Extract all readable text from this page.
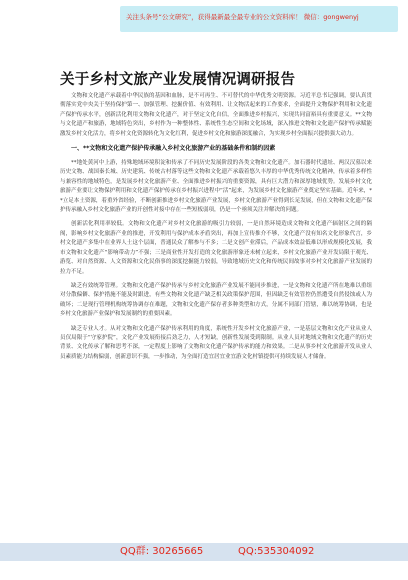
关注头条号“公文研究”，获得最新最全最专业的公文资料库！ 微信：gongwenyj
关于乡村文旅产业发展情况调研报告

文物和文化遗产承载着中华民族的基因和血脉，是不可再生、不可替代的中华优秀文明资源。习近平总书记强调，要认真贯彻落实党中央关于坚持保护第一、加强管理、挖掘价值、有效利用、让文物活起来的工作要求，全面提升文物保护利用和文化遗产保护传承水平，创新活化利用文物和文化遗产，对于坚定文化自信，全面推进乡村振兴，实现共同富裕具有重要意义。**文物与文化遗产和旅游，地域特色突出，乡村作为一种整体性、系统性生态空间和文化场域，深入推进文物和文化遗产保护传承赋能激发乡村文化活力，将乡村文化资源转化为文化红利，促进乡村文化和旅游深度融合，为实现乡村全面振兴提供强大动力。

一、**文物和文化遗产保护传承融入乡村文化旅游产业的基础条件和制约因素

**地处黄河中上游，持殊地域环境积淀和传承了不同历史发展阶段的各类文物和文化遗产。加石器时代遗址、两汉汉墓以来历史文物、战国秦长城、历史建筑、传统古村落等这些文物和文化遗产承载着悠久丰厚的中华优秀传统文化精神，传承着多样性与兼容性的地域特色，是发展乡村文化旅游产业、全面推进乡村振兴的重要资源，具有巨大潜力和深厚地域优势。发展乡村文化旅游产业要让文物保护利用和文化遗产保护传承在乡村振兴进程中“活”起来，为发展乡村文化旅游产业奠定坚实基础。近年来，**立足本土资源，着重外省经验，不断创新推进乡村文化旅游产业发展，乡村文化旅游产业得到长足发展，但在文物和文化遗产保护传承融入乡村文化旅游产业的开创性对接中存在一些短板弱项，仍是一个亟须关注并解决的问题。

创新活化利用率较低。文物和文化遗产对乡村文化旅游的吸引力较弱，一是自然环境造成文物和文化遗产辐射区之间的隔阂，影响乡村文化旅游产业的推进，开发利用与保护成本矛盾突出，再加上宣传推介不够，文化遗产没有知名文化形象代言，乡村文化遗产多集中在业界人士这个层面，普通民众了解参与不多；二是文创产业滞后，产品成本效益低难以形成规模化发展，我市文物和文化遗产“影响带动力”不强；三是商业性开发打造的文化旅游形象还未树立起来，乡村文化旅游产业开发局限于观光、游览、对自然资源、人文资源和文化民俗事的深度挖掘能力较弱，导致地域历史文化和传统民间故事对乡村文化旅游产业发展的拉力不足。

缺乏有效统筹管理。文物和文化遗产保护传承与乡村文化旅游产业发展不能同步推进，一是文物和文化遗产所在地难以重组对分散偏僻、保护措施不能及时跟进，有些文物和文化遗产缺乏相关政策保护范围，但因缺乏有效管控仍然遭受自然侵蚀或人为破坏；二是现行管理机构统筹协调存在难题，文物和文化遗产保存者多种类型和方式，分属不同部门管辖，难以统筹协调，也是乡村文化旅游产业保护和发展制约的重要因素。

缺乏专业人才。从对文物和文化遗产保护传承利用的角度，系统性开发乡村文化旅游产业，一是基层文物和文化产业从业人员仅局限于“守家护院”，文化产业发展衔接后劲乏力，人才短缺，创新性发展受到限制。从业人员对地域文物和文化遗产的历史背景、文化传承了解和思考不深，一定程度上影响了文物和文化遗产保护传承的能力和效果。二是从事乡村文化旅游开发从业人员素质能力结构偏弱，创新意识不强，一步推动，为全面打造宜居宜业宜游文化村镇提供可持续发展人才储备。

QQ群: 30265665	QQ:535304092
